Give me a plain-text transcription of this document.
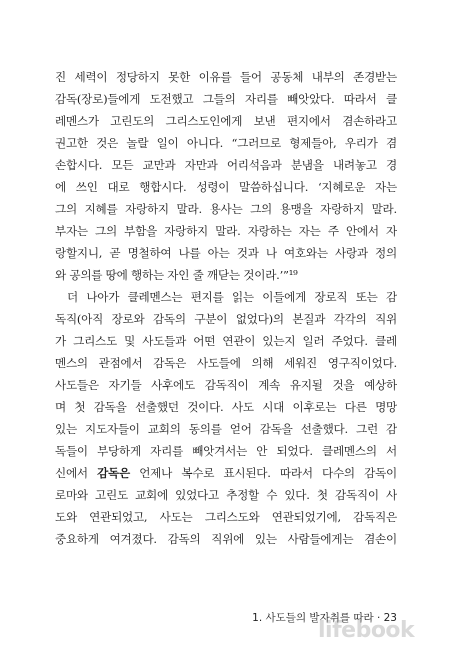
진 세력이 정당하지 못한 이유를 들어 공동체 내부의 존경받는
감독(장로)들에게 도전했고 그들의 자리를 빼앗았다. 따라서 클
레멘스가 고린도의 그리스도인에게 보낸 편지에서 겸손하라고
권고한 것은 놀랄 일이 아니다. “그러므로 형제들아, 우리가 겸
손합시다. 모든 교만과 자만과 어리석음과 분냄을 내려놓고 경
에 쓰인 대로 행합시다. 성령이 말씀하십니다. ‘지혜로운 자는
그의 지혜를 자랑하지 말라. 용사는 그의 용맹을 자랑하지 말라.
부자는 그의 부함을 자랑하지 말라. 자랑하는 자는 주 안에서 자
랑할지니, 곧 명철하여 나를 아는 것과 나 여호와는 사랑과 정의
와 공의를 땅에 행하는 자인 줄 깨닫는 것이라.’”¹⁹
더 나아가 클레멘스는 편지를 읽는 이들에게 장로직 또는 감
독직(아직 장로와 감독의 구분이 없었다)의 본질과 각각의 직위
가 그리스도 및 사도들과 어떤 연관이 있는지 일러 주었다. 클레
멘스의 관점에서 감독은 사도들에 의해 세워진 영구직이었다.
사도들은 자기들 사후에도 감독직이 계속 유지될 것을 예상하
며 첫 감독을 선출했던 것이다. 사도 시대 이후로는 다른 명망
있는 지도자들이 교회의 동의를 얻어 감독을 선출했다. 그런 감
독들이 부당하게 자리를 빼앗겨서는 안 되었다. 클레멘스의 서
신에서 감독은 언제나 복수로 표시된다. 따라서 다수의 감독이
로마와 고린도 교회에 있었다고 추정할 수 있다. 첫 감독직이 사
도와 연관되었고, 사도는 그리스도와 연관되었기에, 감독직은
중요하게 여겨졌다. 감독의 직위에 있는 사람들에게는 겸손이
1. 사도들의 발자취를 따라 · 23
lifebook
